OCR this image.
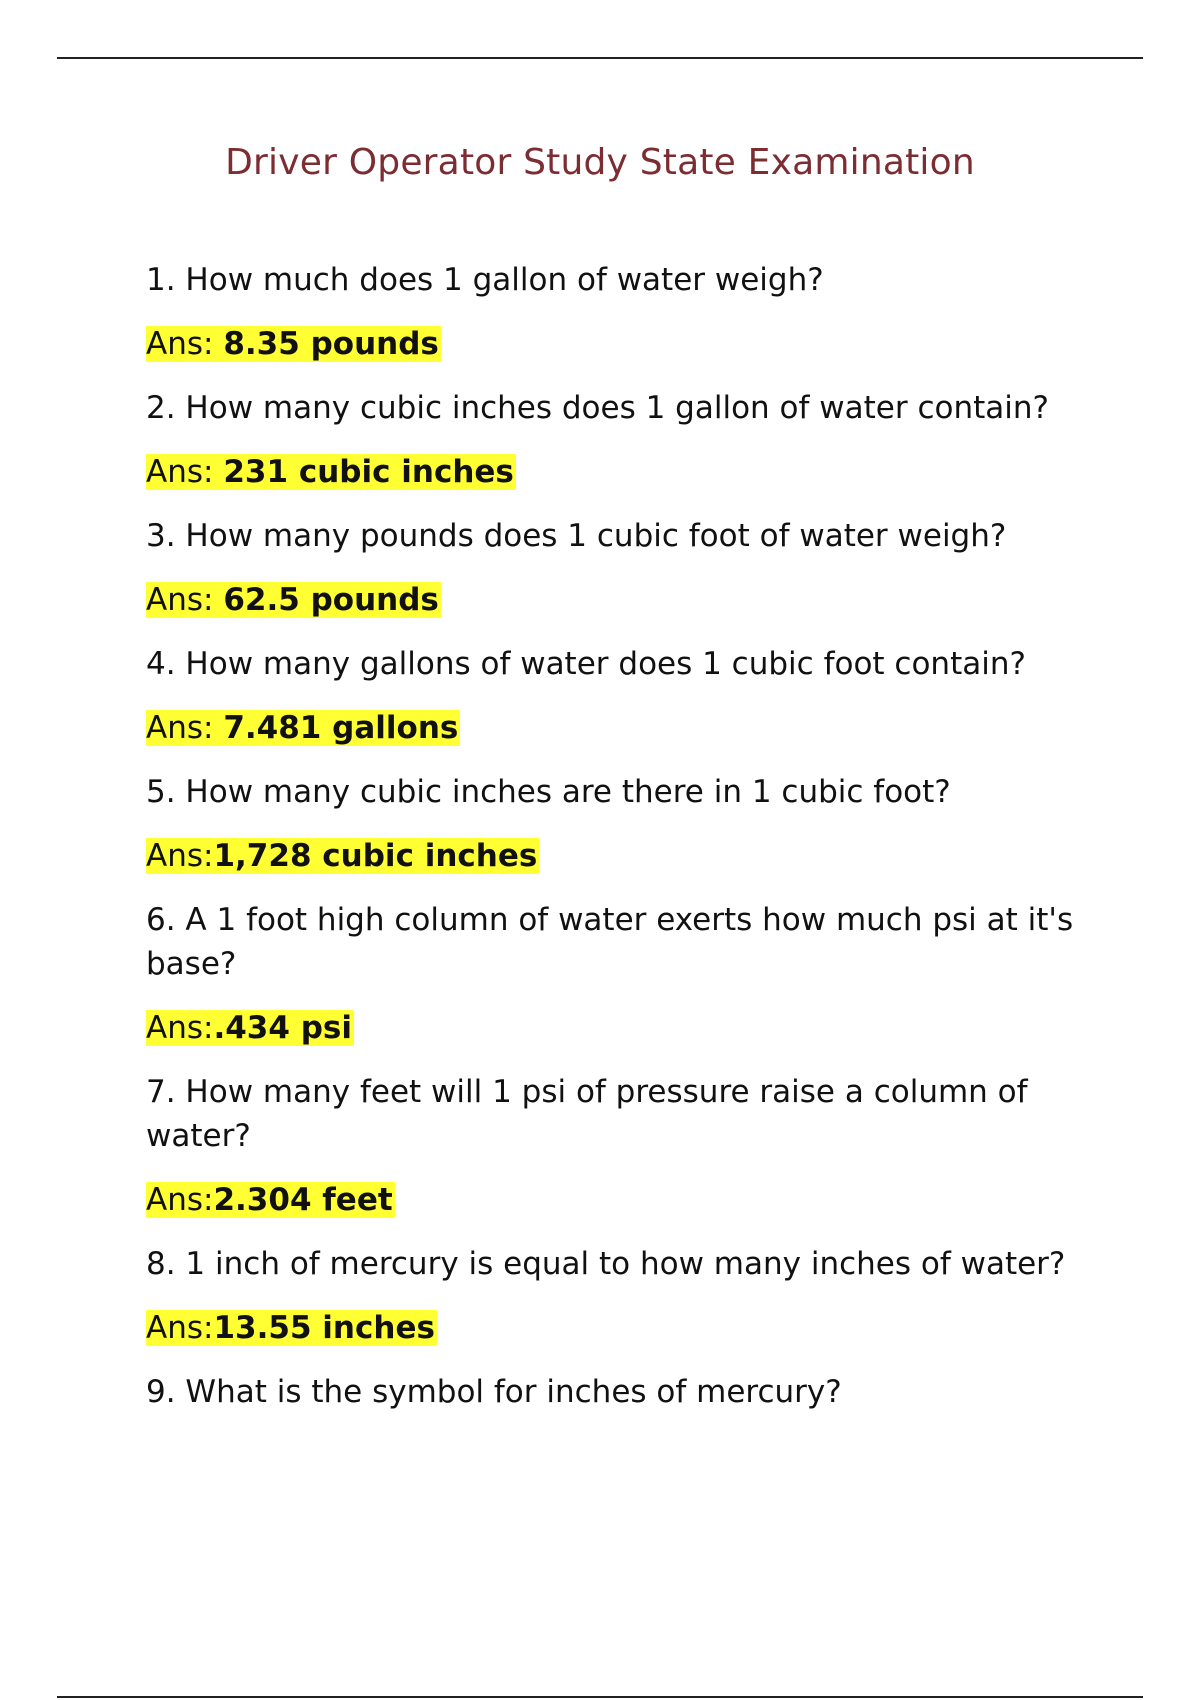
Driver Operator Study State Examination

1. How much does 1 gallon of water weigh?

Ans: 8.35 pounds

2. How many cubic inches does 1 gallon of water contain?

Ans: 231 cubic inches

3. How many pounds does 1 cubic foot of water weigh?

Ans: 62.5 pounds

4. How many gallons of water does 1 cubic foot contain?

Ans: 7.481 gallons

5. How many cubic inches are there in 1 cubic foot?

Ans:1,728 cubic inches

6. A 1 foot high column of water exerts how much psi at it's base?

Ans:.434 psi

7. How many feet will 1 psi of pressure raise a column of water?

Ans:2.304 feet

8. 1 inch of mercury is equal to how many inches of water?

Ans:13.55 inches

9. What is the symbol for inches of mercury?
